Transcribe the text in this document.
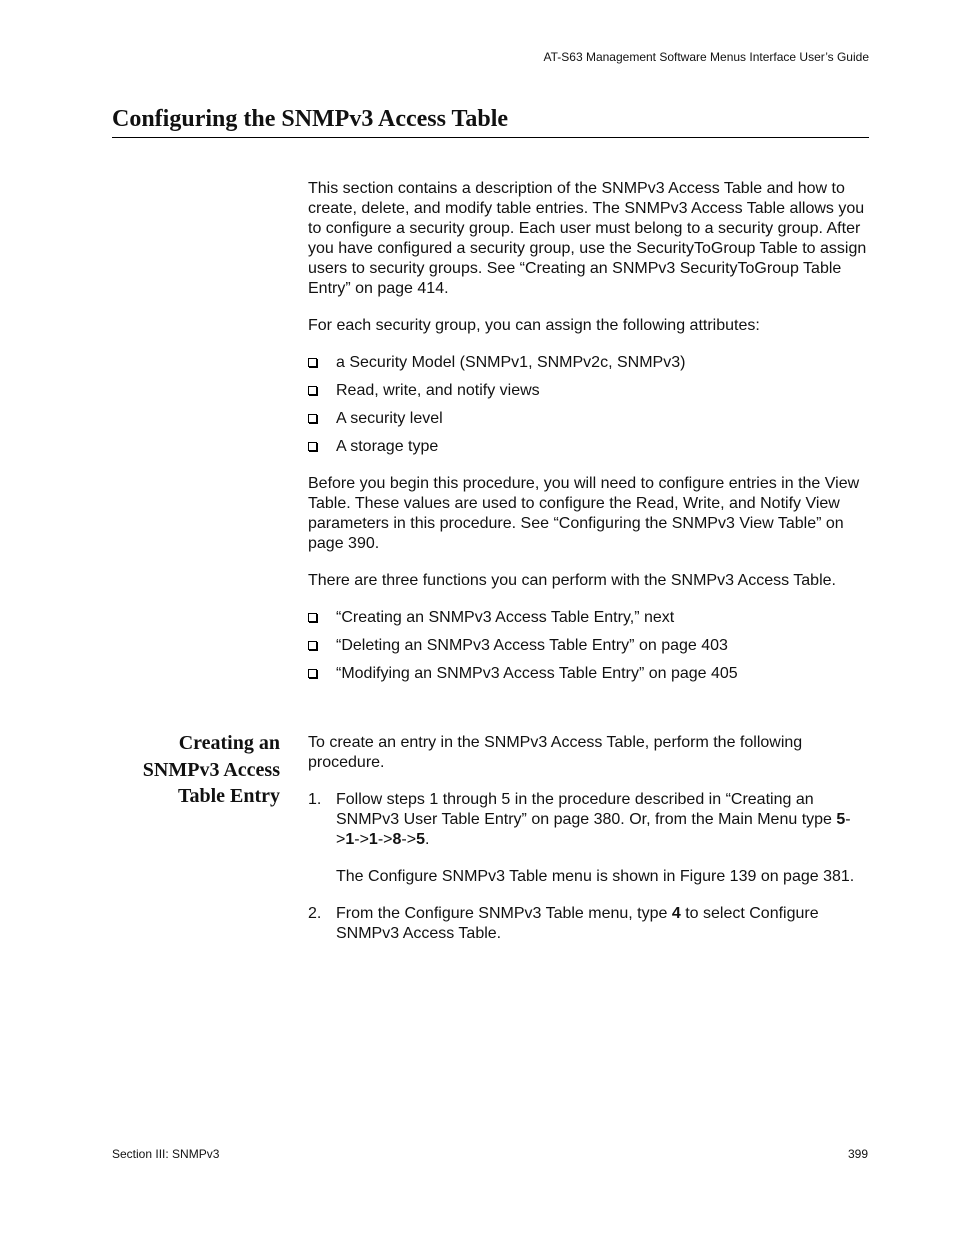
AT-S63 Management Software Menus Interface User’s Guide
Configuring the SNMPv3 Access Table

This section contains a description of the SNMPv3 Access Table and how to create, delete, and modify table entries. The SNMPv3 Access Table allows you to configure a security group. Each user must belong to a security group. After you have configured a security group, use the SecurityToGroup Table to assign users to security groups. See “Creating an SNMPv3 SecurityToGroup Table Entry” on page 414.

For each security group, you can assign the following attributes:

a Security Model (SNMPv1, SNMPv2c, SNMPv3)
Read, write, and notify views
A security level
A storage type

Before you begin this procedure, you will need to configure entries in the View Table. These values are used to configure the Read, Write, and Notify View parameters in this procedure. See “Configuring the SNMPv3 View Table” on page 390.

There are three functions you can perform with the SNMPv3 Access Table.

“Creating an SNMPv3 Access Table Entry,” next
“Deleting an SNMPv3 Access Table Entry” on page 403
“Modifying an SNMPv3 Access Table Entry” on page 405
Creating an SNMPv3 Access Table Entry

To create an entry in the SNMPv3 Access Table, perform the following procedure.

1. Follow steps 1 through 5 in the procedure described in “Creating an SNMPv3 User Table Entry” on page 380. Or, from the Main Menu type 5->1->1->8->5.

The Configure SNMPv3 Table menu is shown in Figure 139 on page 381.

2. From the Configure SNMPv3 Table menu, type 4 to select Configure SNMPv3 Access Table.

Section III: SNMPv3	399
